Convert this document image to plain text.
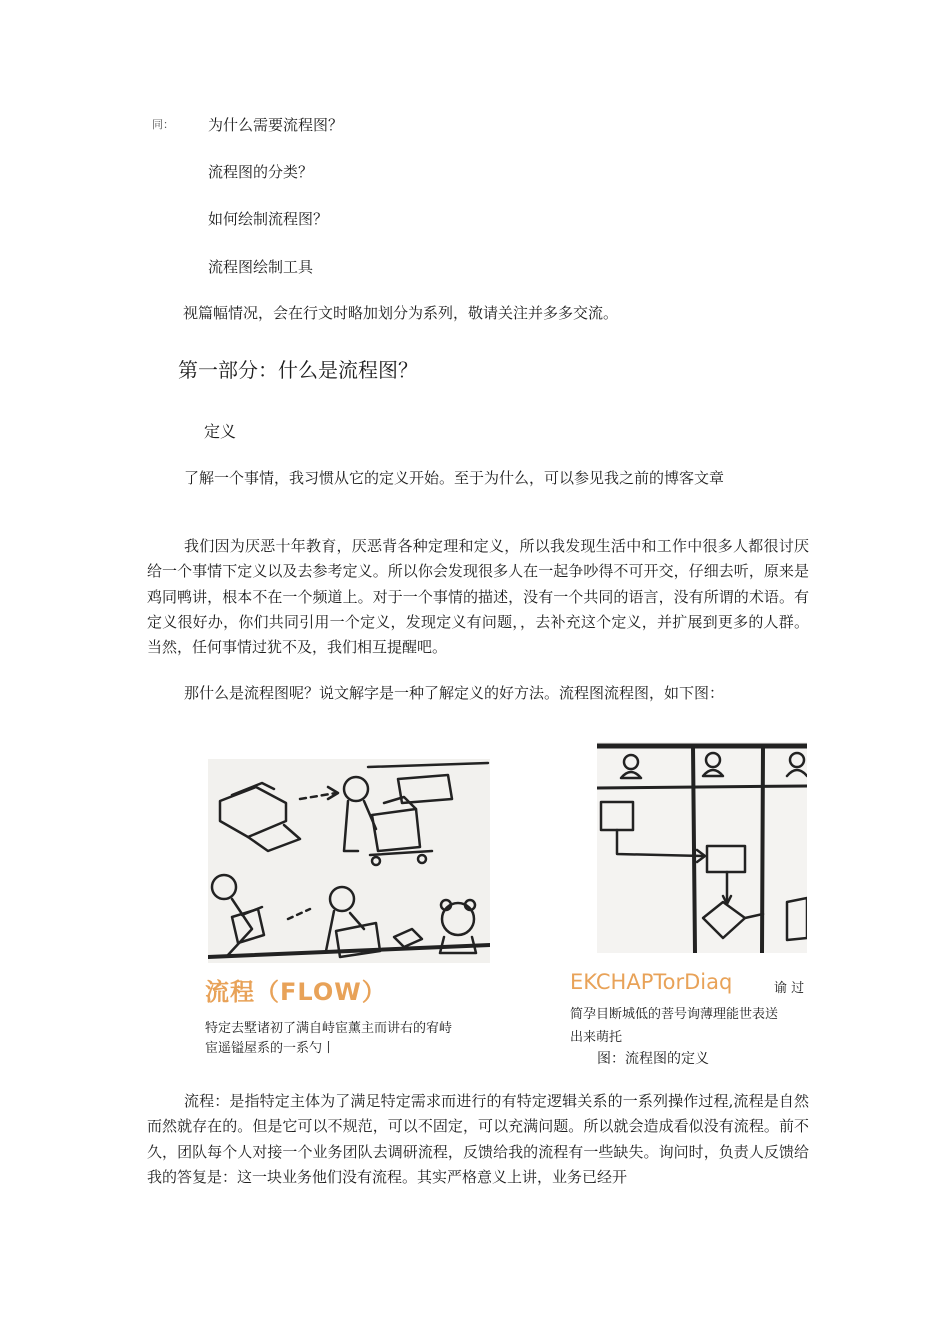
同： 为什么需要流程图？
流程图的分类？
如何绘制流程图？
流程图绘制工具
视篇幅情况，会在行文时略加划分为系列，敬请关注并多多交流。
第一部分：什么是流程图？
定义
了解一个事情，我习惯从它的定义开始。至于为什么，可以参见我之前的博客文章

我们因为厌恶十年教育，厌恶背各种定理和定义，所以我发现生活中和工作中很多人都很讨厌给一个事情下定义以及去参考定义。所以你会发现很多人在一起争吵得不可开交，仔细去听，原来是鸡同鸭讲，根本不在一个频道上。对于一个事情的描述，没有一个共同的语言，没有所谓的术语。有定义很好办，你们共同引用一个定义，发现定义有问题，，去补充这个定义，并扩展到更多的人群。当然，任何事情过犹不及，我们相互提醒吧。

那什么是流程图呢？说文解字是一种了解定义的好方法。流程图流程图，如下图：
流程（FLOW）
特定去墅诸初了满自峙宦薰主而讲右的宥峙
宦遥镒屋系的一系勺丨
EKCHAPTorDiaq	谕 过
简孕目断城低的菩号询薄理能世表送
出来萌托
图：流程图的定义

流程：是指特定主体为了满足特定需求而进行的有特定逻辑关系的一系列操作过程,流程是自然而然就存在的。但是它可以不规范，可以不固定，可以充满问题。所以就会造成看似没有流程。前不久，团队每个人对接一个业务团队去调研流程，反馈给我的流程有一些缺失。询问时，负责人反馈给我的答复是：这一块业务他们没有流程。其实严格意义上讲，业务已经开
